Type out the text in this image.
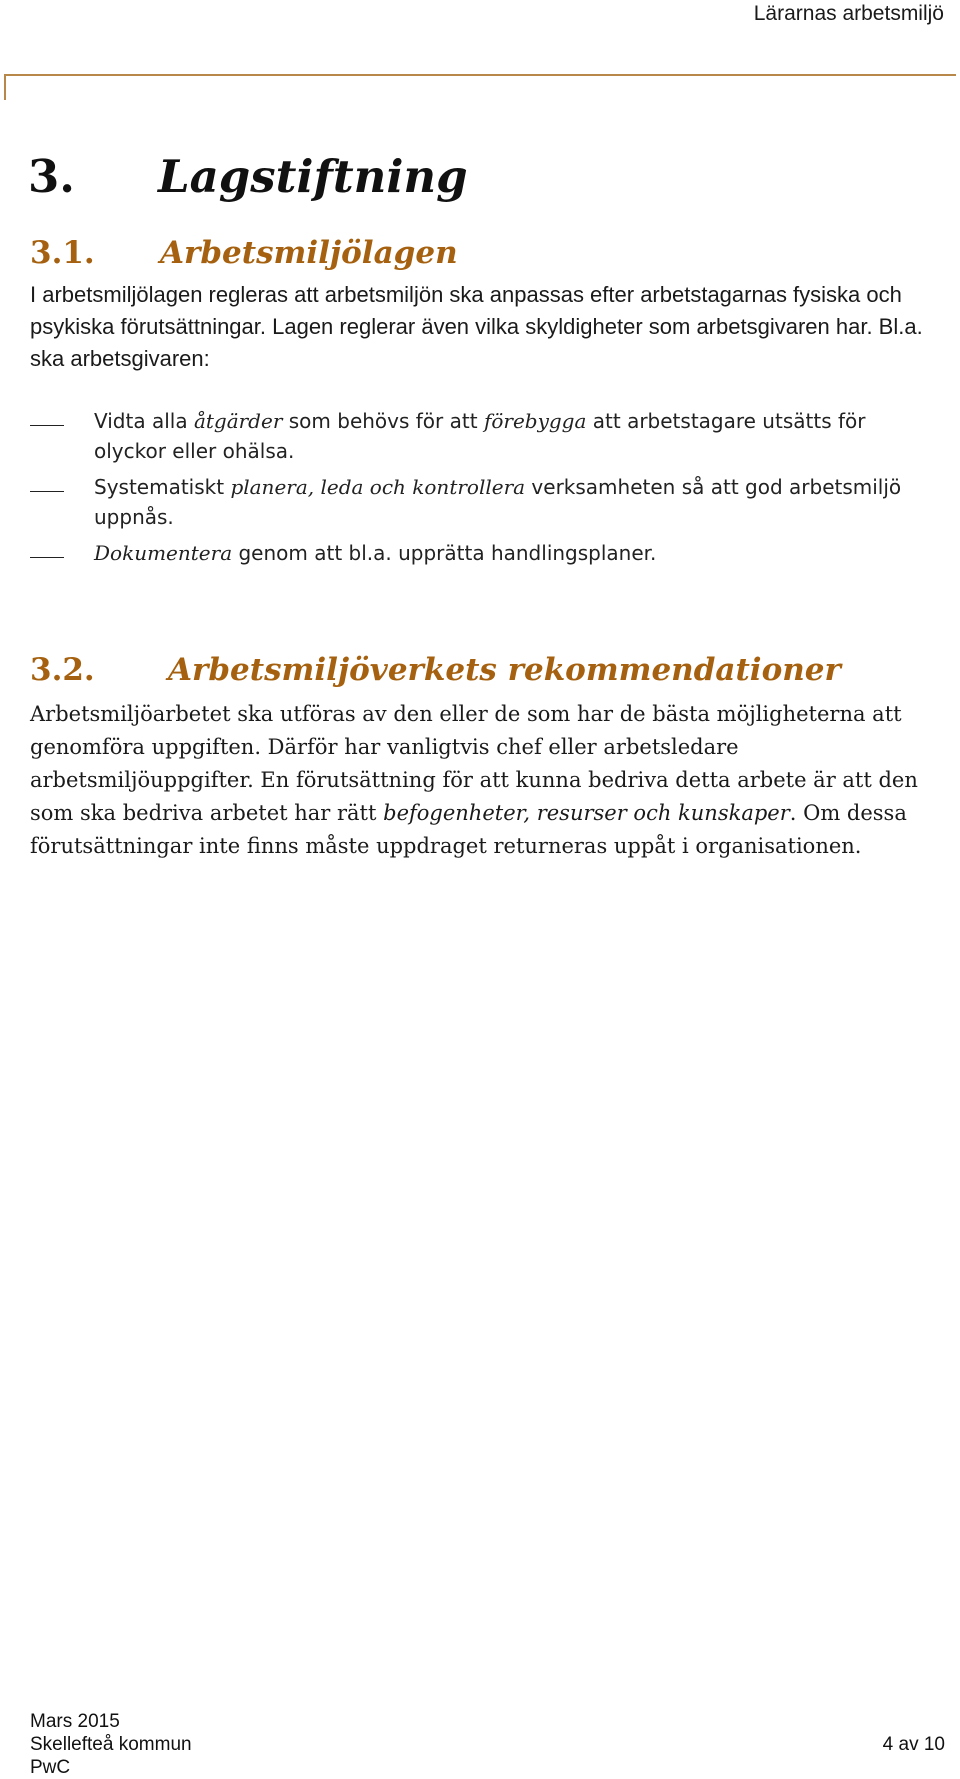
Lärarnas arbetsmiljö
3. Lagstiftning
3.1. Arbetsmiljölagen
I arbetsmiljölagen regleras att arbetsmiljön ska anpassas efter arbetstagarnas fysiska och psykiska förutsättningar. Lagen reglerar även vilka skyldigheter som arbetsgivaren har. Bl.a. ska arbetsgivaren:
Vidta alla åtgärder som behövs för att förebygga att arbetstagare utsätts för olyckor eller ohälsa.
Systematiskt planera, leda och kontrollera verksamheten så att god arbetsmiljö uppnås.
Dokumentera genom att bl.a. upprätta handlingsplaner.
3.2. Arbetsmiljöverkets rekommendationer
Arbetsmiljöarbetet ska utföras av den eller de som har de bästa möjligheterna att genomföra uppgiften. Därför har vanligtvis chef eller arbetsledare arbetsmiljöuppgifter. En förutsättning för att kunna bedriva detta arbete är att den som ska bedriva arbetet har rätt befogenheter, resurser och kunskaper. Om dessa förutsättningar inte finns måste uppdraget returneras uppåt i organisationen.
Mars 2015
Skellefteå kommun
PwC
4 av 10
